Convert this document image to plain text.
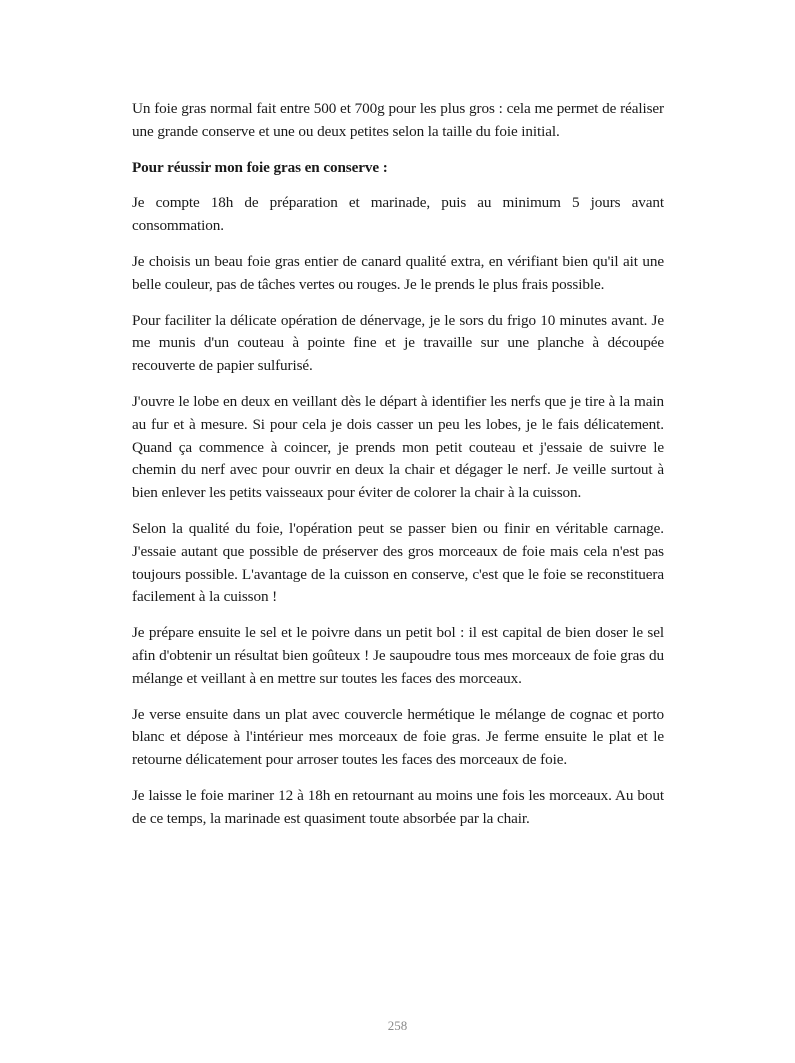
Un foie gras normal fait entre 500 et 700g pour les plus gros : cela me permet de réaliser une grande conserve et une ou deux petites selon la taille du foie initial.

Pour réussir mon foie gras en conserve :

Je compte 18h de préparation et marinade, puis au minimum 5 jours avant consommation.

Je choisis un beau foie gras entier de canard qualité extra, en vérifiant bien qu'il ait une belle couleur, pas de tâches vertes ou rouges. Je le prends le plus frais possible.

Pour faciliter la délicate opération de dénervage, je le sors du frigo 10 minutes avant. Je me munis d'un couteau à pointe fine et je travaille sur une planche à découpée recouverte de papier sulfurisé.

J'ouvre le lobe en deux en veillant dès le départ à identifier les nerfs que je tire à la main au fur et à mesure. Si pour cela je dois casser un peu les lobes, je le fais délicatement. Quand ça commence à coincer, je prends mon petit couteau et j'essaie de suivre le chemin du nerf avec pour ouvrir en deux la chair et dégager le nerf. Je veille surtout à bien enlever les petits vaisseaux pour éviter de colorer la chair à la cuisson.

Selon la qualité du foie, l'opération peut se passer bien ou finir en véritable carnage. J'essaie autant que possible de préserver des gros morceaux de foie mais cela n'est pas toujours possible. L'avantage de la cuisson en conserve, c'est que le foie se reconstituera facilement à la cuisson !

Je prépare ensuite le sel et le poivre dans un petit bol : il est capital de bien doser le sel afin d'obtenir un résultat bien goûteux ! Je saupoudre tous mes morceaux de foie gras du mélange et veillant à en mettre sur toutes les faces des morceaux.

Je verse ensuite dans un plat avec couvercle hermétique le mélange de cognac et porto blanc et dépose à l'intérieur mes morceaux de foie gras. Je ferme ensuite le plat et le retourne délicatement pour arroser toutes les faces des morceaux de foie.

Je laisse le foie mariner 12 à 18h en retournant au moins une fois les morceaux. Au bout de ce temps, la marinade est quasiment toute absorbée par la chair.

258
